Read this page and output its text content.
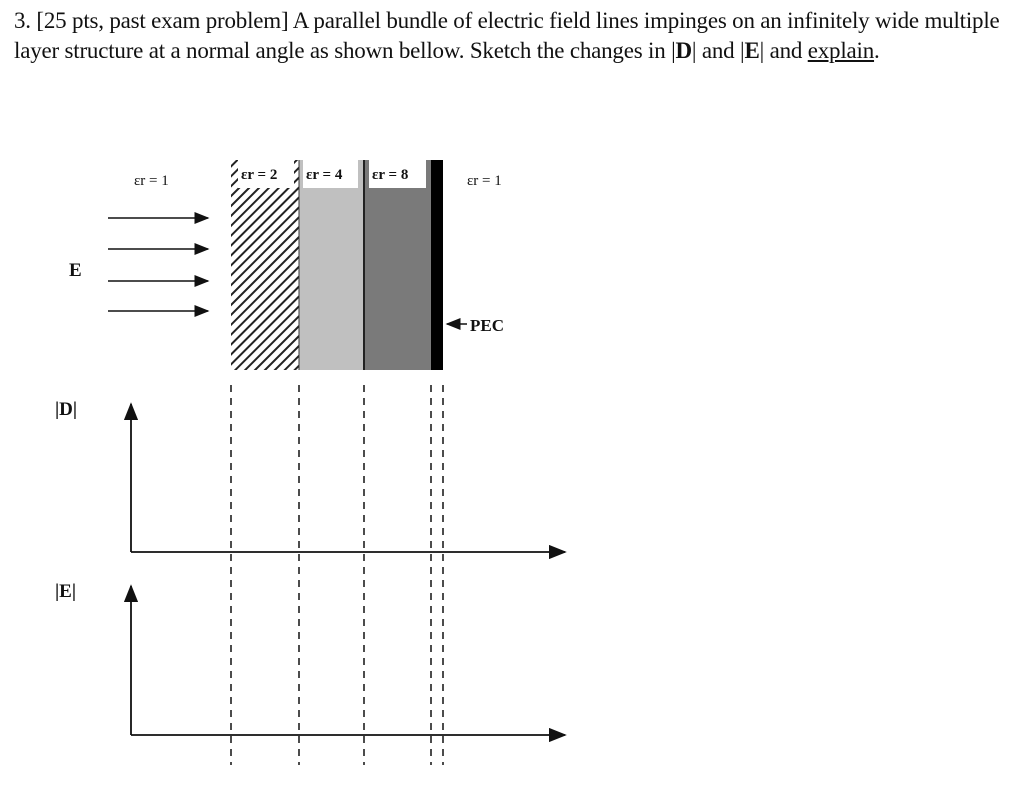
3. [25 pts, past exam problem] A parallel bundle of electric field lines impinges on an infinitely wide multiple layer structure at a normal angle as shown bellow. Sketch the changes in |D| and |E| and explain.
εr = 1	εr = 2 εr = 4 εr = 8	εr = 1
E
PEC
|D|
|E|
